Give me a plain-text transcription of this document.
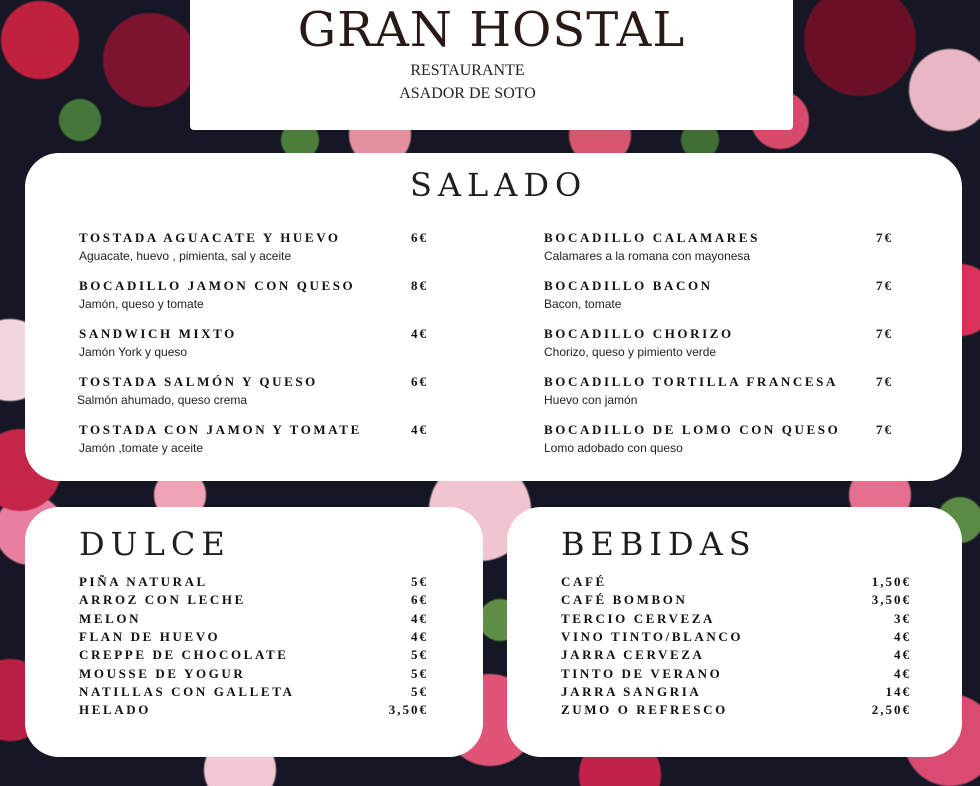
GRAN HOSTAL
RESTAURANTE
ASADOR DE SOTO
SALADO
TOSTADA AGUACATE Y HUEVO
Aguacate, huevo , pimienta, sal y aceite
6€
BOCADILLO JAMON CON QUESO
Jamón, queso y tomate
8€
SANDWICH MIXTO
Jamón York y queso
4€
TOSTADA SALMÓN Y QUESO
Salmón ahumado, queso crema
6€
TOSTADA CON JAMON Y TOMATE
Jamón ,tomate y aceite
4€
BOCADILLO CALAMARES
Calamares a la romana con mayonesa
7€
BOCADILLO BACON
Bacon, tomate
7€
BOCADILLO CHORIZO
Chorizo, queso y pimiento verde
7€
BOCADILLO TORTILLA FRANCESA
Huevo con jamón
7€
BOCADILLO DE LOMO CON QUESO
Lomo adobado con queso
7€
DULCE
PIÑA NATURAL	5€
ARROZ CON LECHE	6€
MELON	4€
FLAN DE HUEVO	4€
CREPPE DE CHOCOLATE	5€
MOUSSE DE YOGUR	5€
NATILLAS CON GALLETA	5€
HELADO	3,50€
BEBIDAS
CAFÉ	1,50€
CAFÉ BOMBON	3,50€
TERCIO CERVEZA	3€
VINO TINTO/BLANCO	4€
JARRA CERVEZA	4€
TINTO DE VERANO	4€
JARRA SANGRIA	14€
ZUMO O REFRESCO	2,50€
